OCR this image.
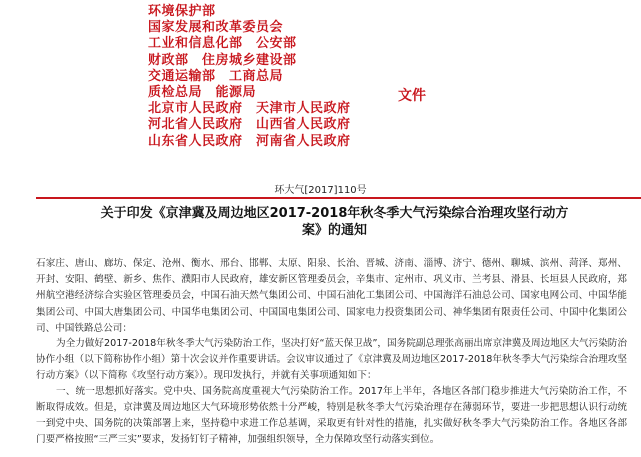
环境保护部
国家发展和改革委员会
工业和信息化部　公安部
财政部　住房城乡建设部
交通运输部　工商总局
质检总局　能源局
北京市人民政府　天津市人民政府
河北省人民政府　山西省人民政府
山东省人民政府　河南省人民政府
文件
环大气[2017]110号
关于印发《京津冀及周边地区2017-2018年秋冬季大气污染综合治理攻坚行动方
案》的通知
石家庄、唐山、廊坊、保定、沧州、衡水、邢台、邯郸、太原、阳泉、长治、晋城、济南、淄博、济宁、德州、聊城、滨州、菏泽、郑州、开封、安阳、鹤壁、新乡、焦作、濮阳市人民政府，雄安新区管理委员会，辛集市、定州市、巩义市、兰考县、滑县、长垣县人民政府，郑州航空港经济综合实验区管理委员会，中国石油天然气集团公司、中国石油化工集团公司、中国海洋石油总公司、国家电网公司、中国华能集团公司、中国大唐集团公司、中国华电集团公司、中国国电集团公司、国家电力投资集团公司、神华集团有限责任公司、中国中化集团公司、中国铁路总公司：

为全力做好2017-2018年秋冬季大气污染防治工作，坚决打好“蓝天保卫战”，国务院副总理张高丽出席京津冀及周边地区大气污染防治协作小组（以下简称协作小组）第十次会议并作重要讲话。会议审议通过了《京津冀及周边地区2017-2018年秋冬季大气污染综合治理攻坚行动方案》（以下简称《攻坚行动方案》）。现印发执行，并就有关事项通知如下：

一、统一思想抓好落实。党中央、国务院高度重视大气污染防治工作。2017年上半年，各地区各部门稳步推进大气污染防治工作，不断取得成效。但是，京津冀及周边地区大气环境形势依然十分严峻，特别是秋冬季大气污染治理存在薄弱环节，要进一步把思想认识行动统一到党中央、国务院的决策部署上来，坚持稳中求进工作总基调，采取更有针对性的措施，扎实做好秋冬季大气污染防治工作。各地区各部门要严格按照“三严三实”要求，发扬钉钉子精神，加强组织领导，全力保障攻坚行动落实到位。
